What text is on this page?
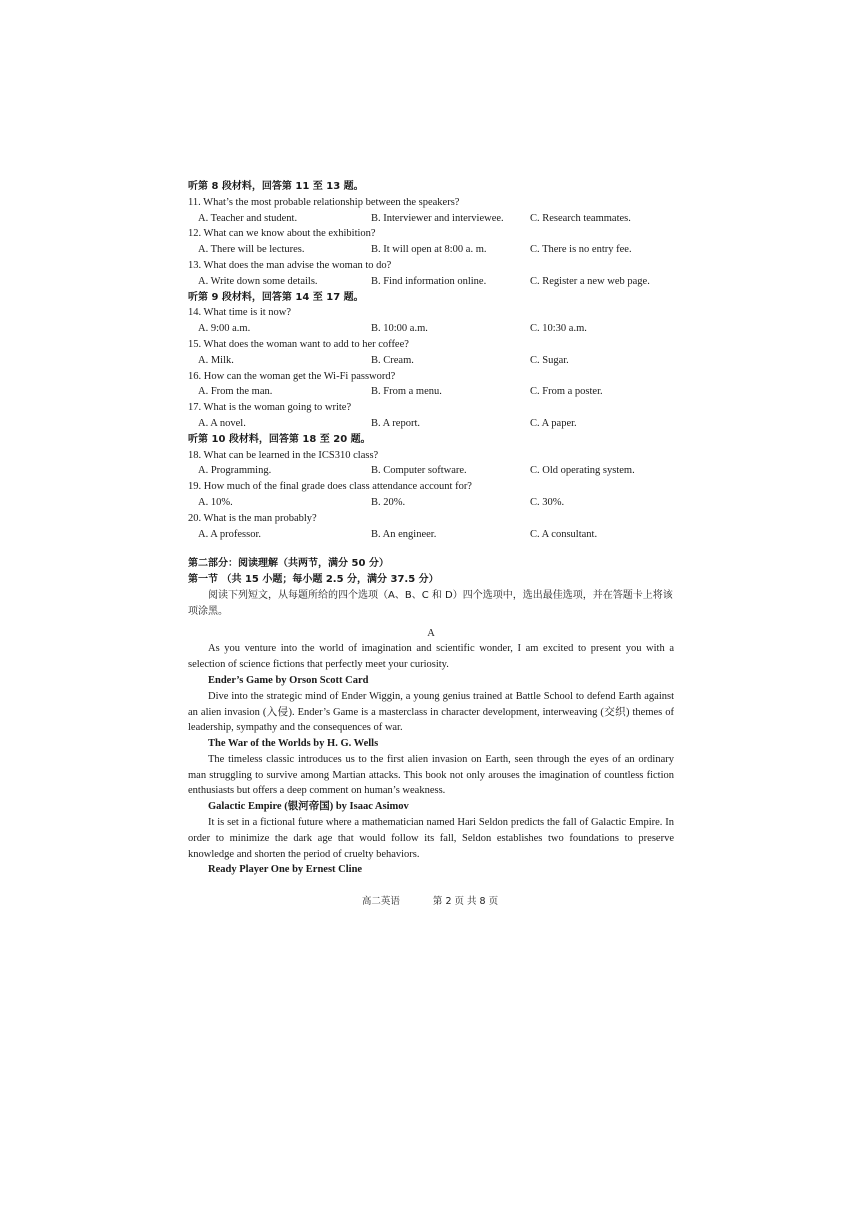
听第 8 段材料，回答第 11 至 13 题。
11. What’s the most probable relationship between the speakers?
A. Teacher and student.	B. Interviewer and interviewee.	C. Research teammates.
12. What can we know about the exhibition?
A. There will be lectures.	B. It will open at 8:00 a. m.	C. There is no entry fee.
13. What does the man advise the woman to do?
A. Write down some details.	B. Find information online.	C. Register a new web page.
听第 9 段材料，回答第 14 至 17 题。
14. What time is it now?
A. 9:00 a.m.	B. 10:00 a.m.	C. 10:30 a.m.
15. What does the woman want to add to her coffee?
A. Milk.	B. Cream.	C. Sugar.
16. How can the woman get the Wi-Fi password?
A. From the man.	B. From a menu.	C. From a poster.
17. What is the woman going to write?
A. A novel.	B. A report.	C. A paper.
听第 10 段材料，回答第 18 至 20 题。
18. What can be learned in the ICS310 class?
A. Programming.	B. Computer software.	C. Old operating system.
19. How much of the final grade does class attendance account for?
A. 10%.	B. 20%.	C. 30%.
20. What is the man probably?
A. A professor.	B. An engineer.	C. A consultant.
第二部分：阅读理解（共两节，满分 50 分）
第一节 （共 15 小题；每小题 2.5 分，满分 37.5 分）
阅读下列短文，从每题所给的四个选项（A、B、C 和 D）四个选项中，选出最佳选项，并在答题卡上将该项涂黑。
A
As you venture into the world of imagination and scientific wonder, I am excited to present you with a selection of science fictions that perfectly meet your curiosity.
Ender’s Game by Orson Scott Card
Dive into the strategic mind of Ender Wiggin, a young genius trained at Battle School to defend Earth against an alien invasion (入侵). Ender’s Game is a masterclass in character development, interweaving (交织) themes of leadership, sympathy and the consequences of war.
The War of the Worlds by H. G. Wells
The timeless classic introduces us to the first alien invasion on Earth, seen through the eyes of an ordinary man struggling to survive among Martian attacks. This book not only arouses the imagination of countless fiction enthusiasts but offers a deep comment on human’s weakness.
Galactic Empire (银河帝国) by Isaac Asimov
It is set in a fictional future where a mathematician named Hari Seldon predicts the fall of Galactic Empire. In order to minimize the dark age that would follow its fall, Seldon establishes two foundations to preserve knowledge and shorten the period of cruelty behaviors.
Ready Player One by Ernest Cline
高二英语	第 2 页 共 8 页
